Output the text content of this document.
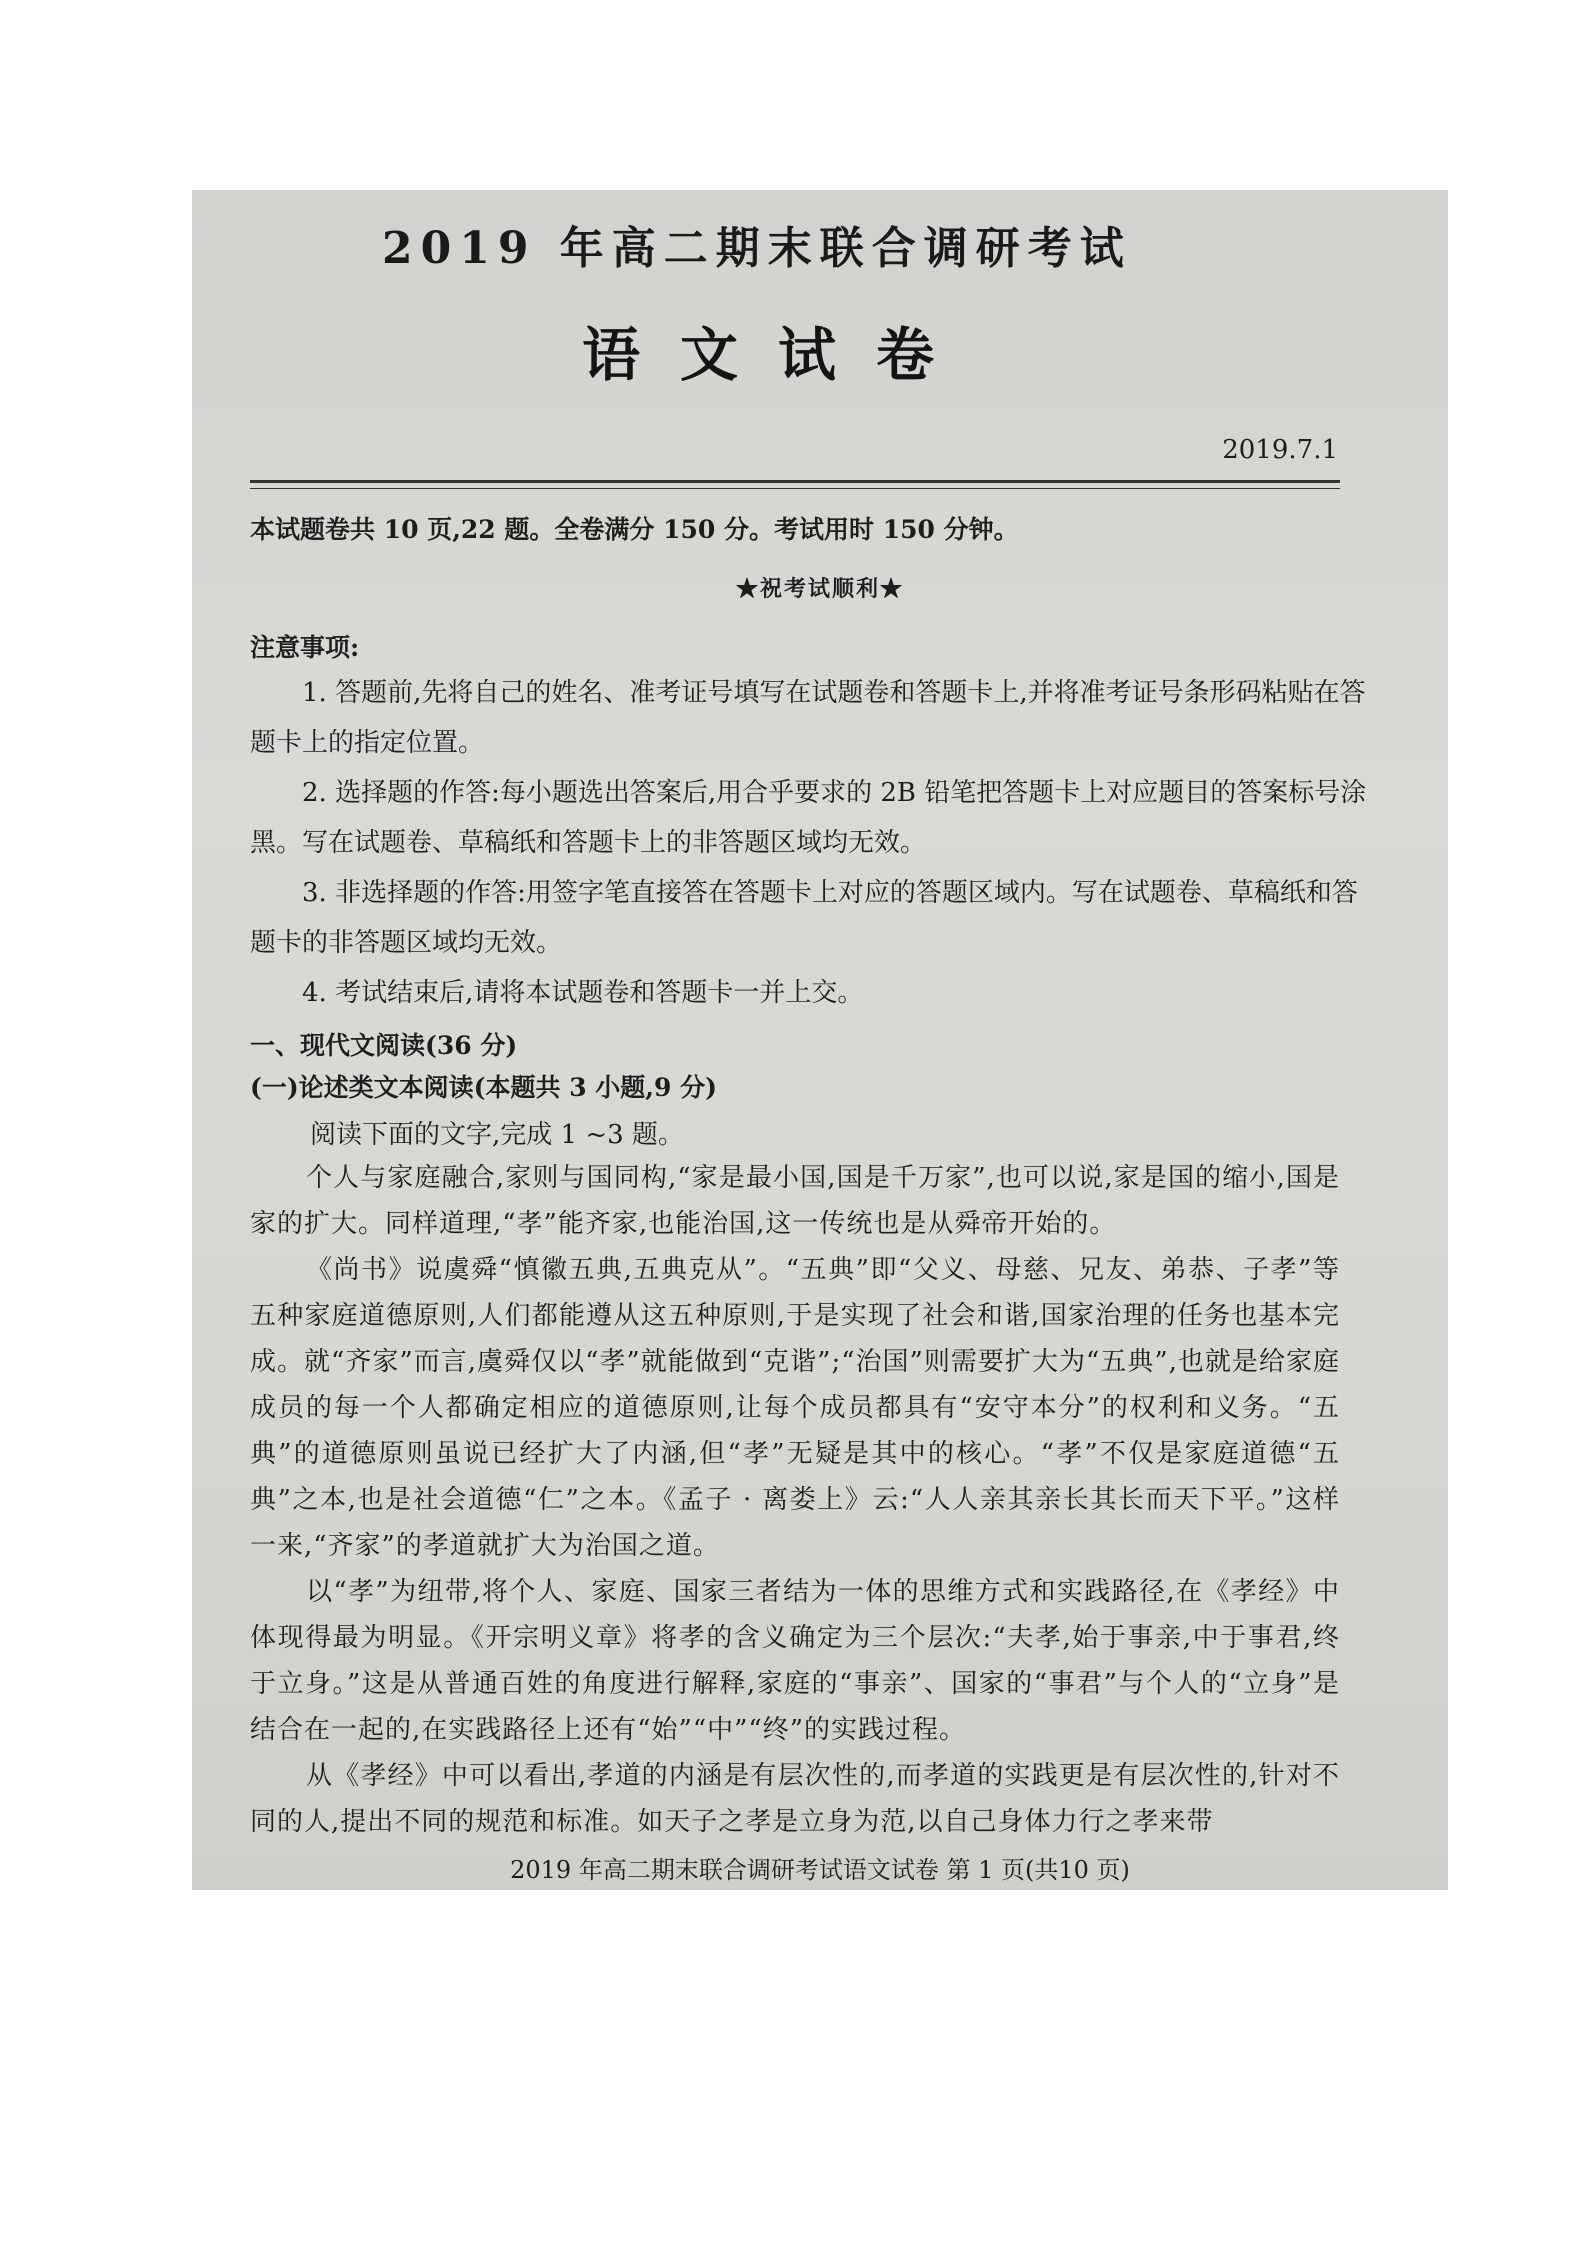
2019 年高二期末联合调研考试
语文试卷
2019.7.1
本试题卷共 10 页,22 题。全卷满分 150 分。考试用时 150 分钟。
★祝考试顺利★
注意事项:
1. 答题前,先将自己的姓名、准考证号填写在试题卷和答题卡上,并将准考证号条形码粘贴在答题卡上的指定位置。
2. 选择题的作答:每小题选出答案后,用合乎要求的 2B 铅笔把答题卡上对应题目的答案标号涂黑。写在试题卷、草稿纸和答题卡上的非答题区域均无效。
3. 非选择题的作答:用签字笔直接答在答题卡上对应的答题区域内。写在试题卷、草稿纸和答题卡的非答题区域均无效。
4. 考试结束后,请将本试题卷和答题卡一并上交。
一、现代文阅读(36 分)
(一)论述类文本阅读(本题共 3 小题,9 分)
阅读下面的文字,完成 1 ~3 题。
个人与家庭融合,家则与国同构,“家是最小国,国是千万家”,也可以说,家是国的缩小,国是家的扩大。同样道理,“孝”能齐家,也能治国,这一传统也是从舜帝开始的。
《尚书》说虞舜“慎徽五典,五典克从”。“五典”即“父义、母慈、兄友、弟恭、子孝”等五种家庭道德原则,人们都能遵从这五种原则,于是实现了社会和谐,国家治理的任务也基本完成。就“齐家”而言,虞舜仅以“孝”就能做到“克谐”;“治国”则需要扩大为“五典”,也就是给家庭成员的每一个人都确定相应的道德原则,让每个成员都具有“安守本分”的权利和义务。“五典”的道德原则虽说已经扩大了内涵,但“孝”无疑是其中的核心。“孝”不仅是家庭道德“五典”之本,也是社会道德“仁”之本。《孟子 · 离娄上》云:“人人亲其亲长其长而天下平。”这样一来,“齐家”的孝道就扩大为治国之道。
以“孝”为纽带,将个人、家庭、国家三者结为一体的思维方式和实践路径,在《孝经》中体现得最为明显。《开宗明义章》将孝的含义确定为三个层次:“夫孝,始于事亲,中于事君,终于立身。”这是从普通百姓的角度进行解释,家庭的“事亲”、国家的“事君”与个人的“立身”是结合在一起的,在实践路径上还有“始”“中”“终”的实践过程。
从《孝经》中可以看出,孝道的内涵是有层次性的,而孝道的实践更是有层次性的,针对不同的人,提出不同的规范和标准。如天子之孝是立身为范,以自己身体力行之孝来带
2019 年高二期末联合调研考试语文试卷 第 1 页(共10 页)
